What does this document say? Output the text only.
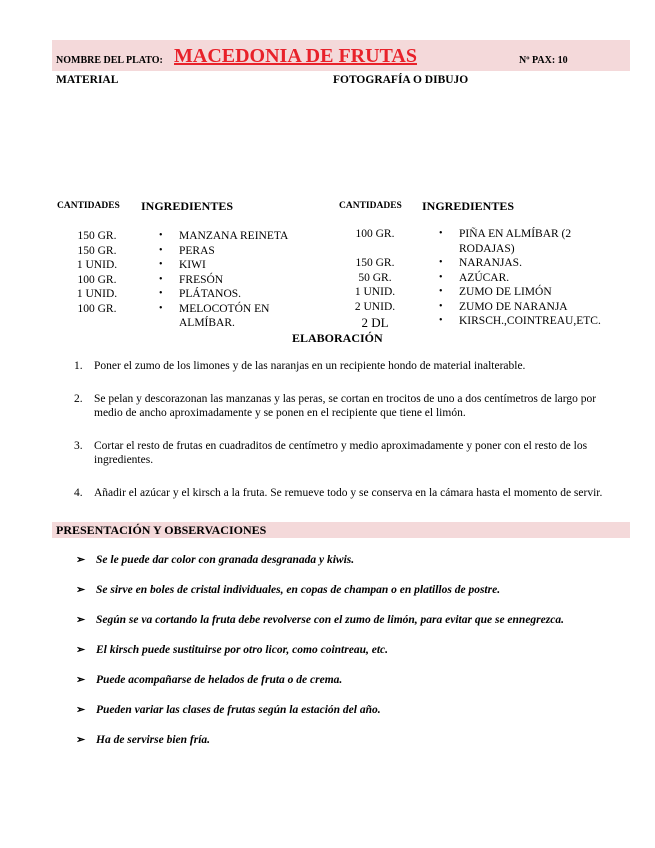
NOMBRE DEL PLATO: MACEDONIA DE FRUTAS	Nº PAX: 10
MATERIAL	FOTOGRAFÍA O DIBUJO
CANTIDADES INGREDIENTES
150 GR.
150 GR.
1 UNID.
100 GR.
1 UNID.
100 GR.
• MANZANA REINETA
• PERAS
• KIWI
• FRESÓN
• PLÁTANOS.
• MELOCOTÓN EN ALMÍBAR.
CANTIDADES INGREDIENTES
100 GR.
150 GR.
50 GR.
1 UNID.
2 UNID.
2 DL
• PIÑA EN ALMÍBAR (2 RODAJAS)
• NARANJAS.
• AZÚCAR.
• ZUMO DE LIMÓN
• ZUMO DE NARANJA
• KIRSCH.,COINTREAU,ETC.
ELABORACIÓN
1. Poner el zumo de los limones y de las naranjas en un recipiente hondo de material inalterable.
2. Se pelan y descorazonan las manzanas y las peras, se cortan en trocitos de uno a dos centímetros de largo por medio de ancho aproximadamente y se ponen en el recipiente que tiene el limón.
3. Cortar el resto de frutas en cuadraditos de centímetro y medio aproximadamente y poner con el resto de los ingredientes.
4. Añadir el azúcar y el kirsch a la fruta. Se remueve todo y se conserva en la cámara hasta el momento de servir.
PRESENTACIÓN Y OBSERVACIONES
➢ Se le puede dar color con granada desgranada y kiwis.
➢ Se sirve en boles de cristal individuales, en copas de champan o en platillos de postre.
➢ Según se va cortando la fruta debe revolverse con el zumo de limón, para evitar que se ennegrezca.
➢ El kirsch puede sustituirse por otro licor, como cointreau, etc.
➢ Puede acompañarse de helados de fruta o de crema.
➢ Pueden variar las clases de frutas según la estación del año.
➢ Ha de servirse bien fría.
